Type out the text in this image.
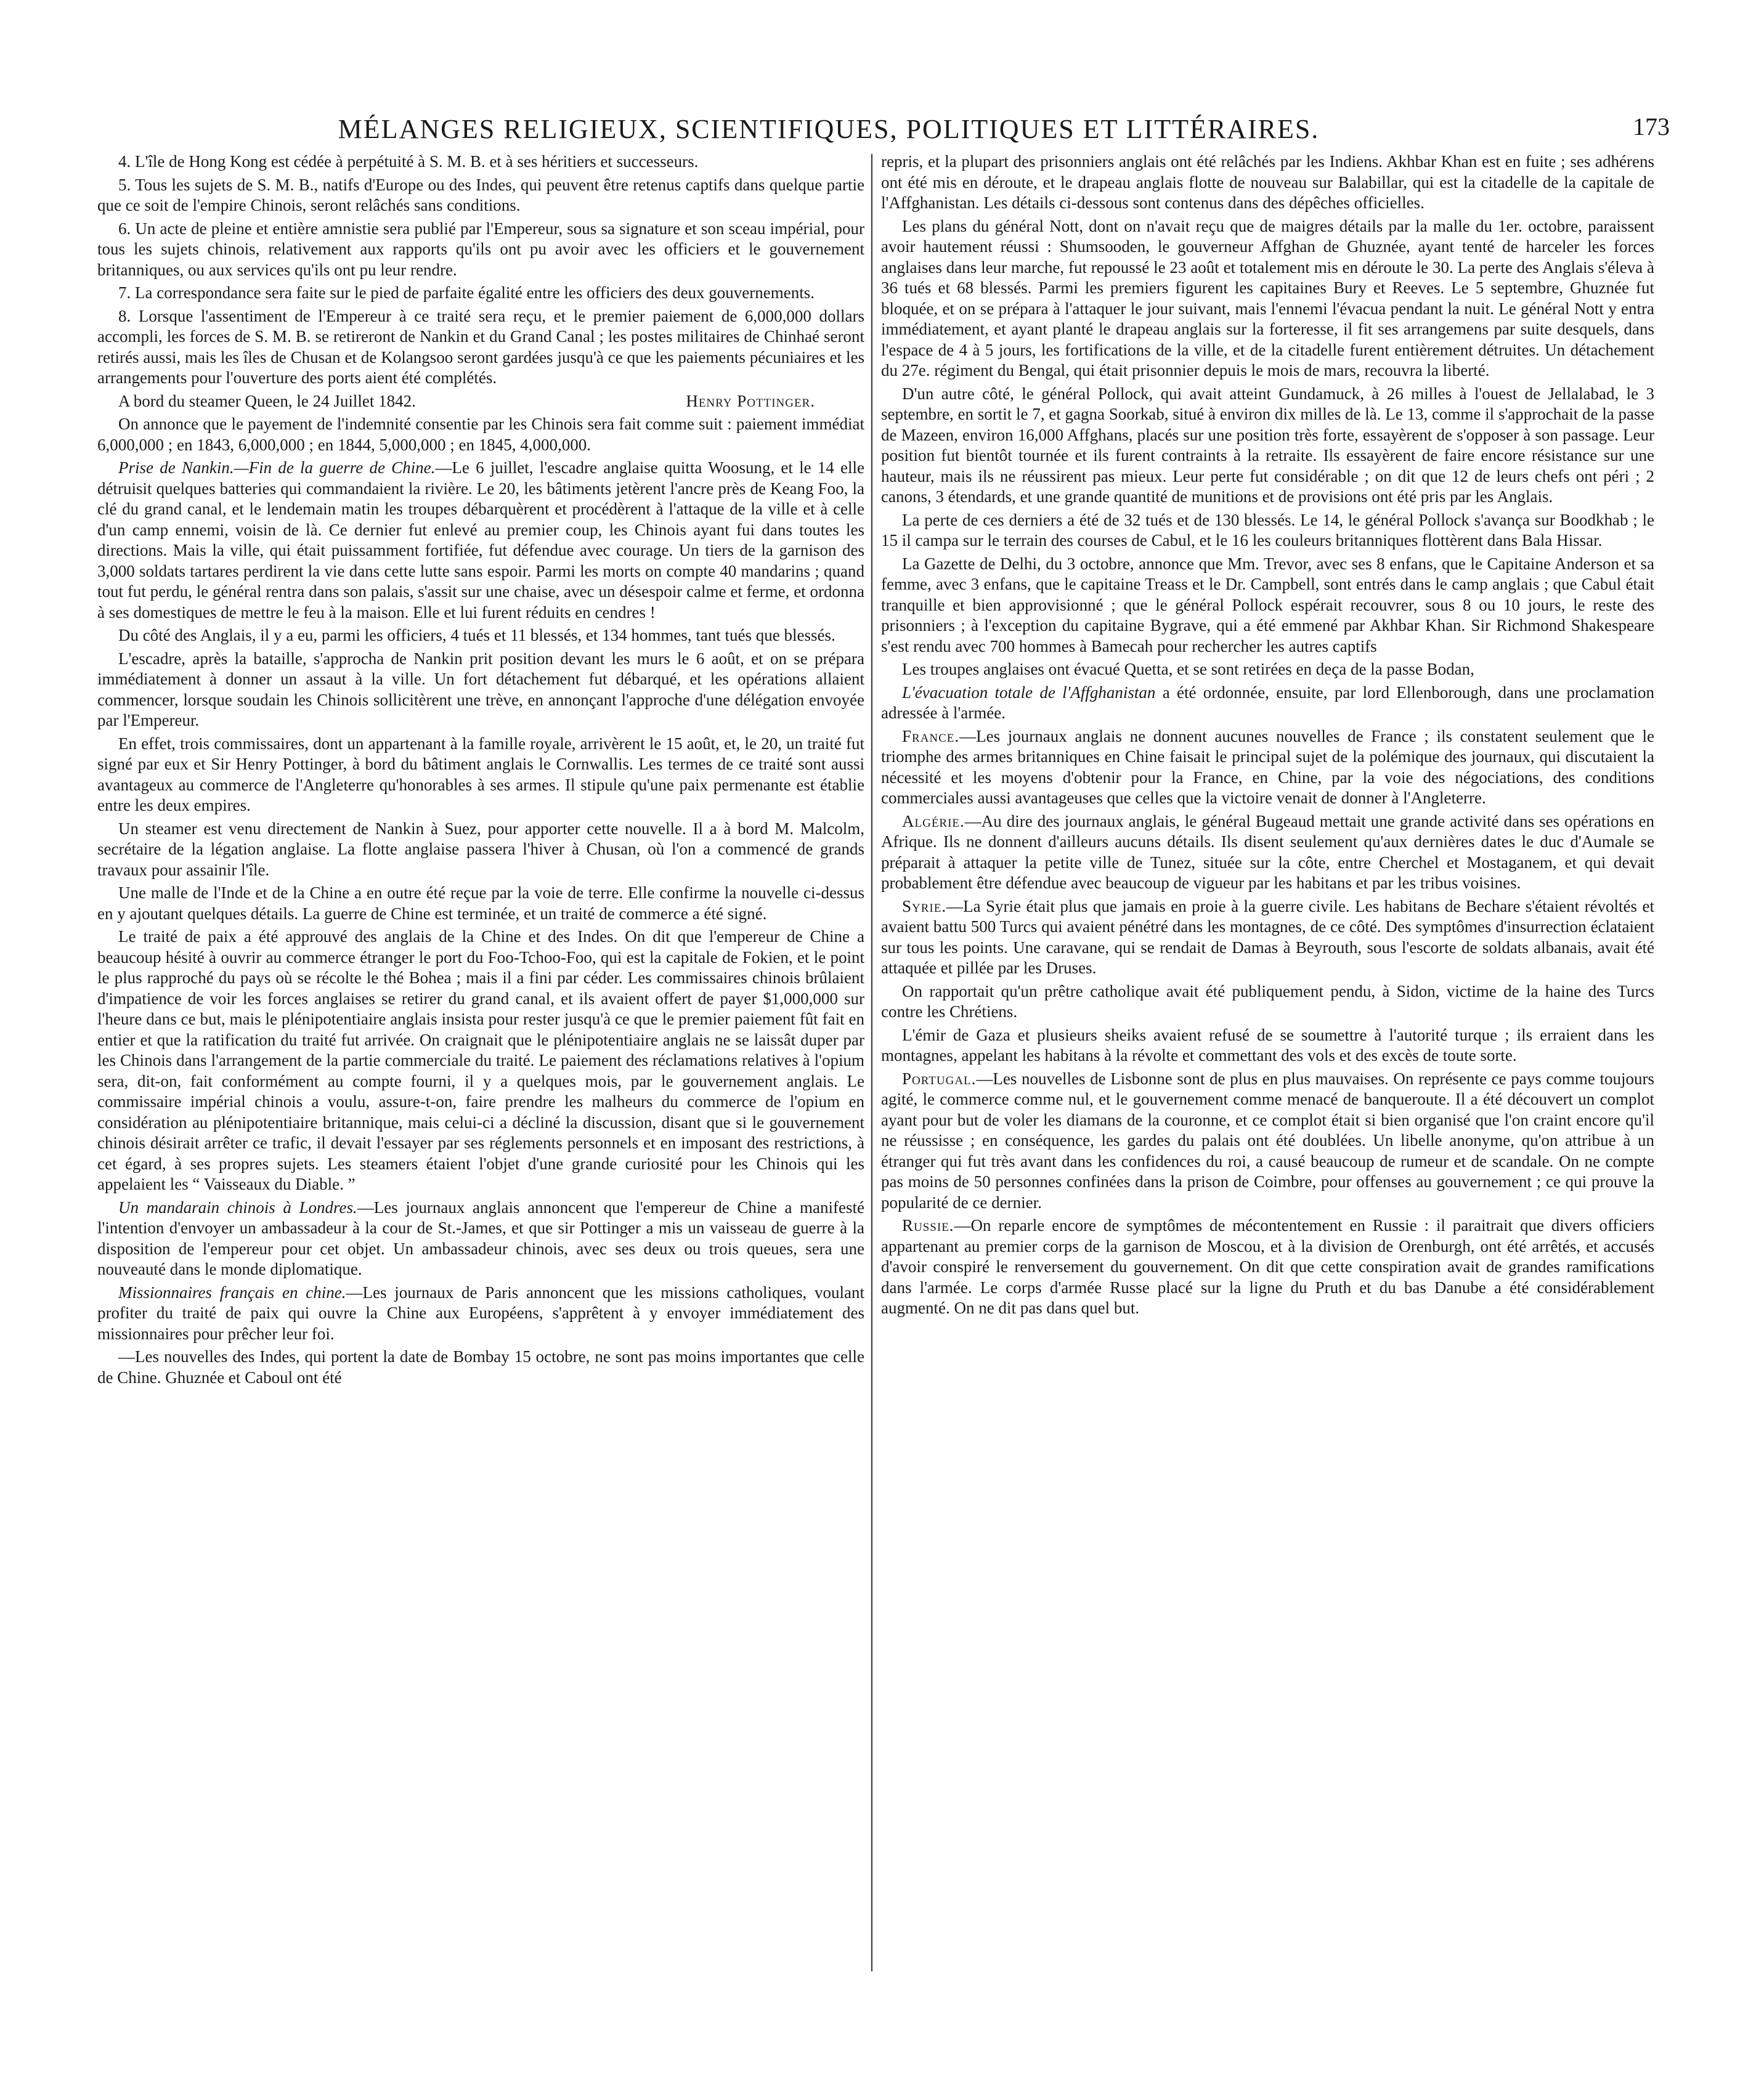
MÉLANGES RELIGIEUX, SCIENTIFIQUES, POLITIQUES ET LITTÉRAIRES.	173

4. L'île de Hong Kong est cédée à perpétuité à S. M. B. et à ses héritiers et successeurs.

5. Tous les sujets de S. M. B., natifs d'Europe ou des Indes, qui peuvent être retenus captifs dans quelque partie que ce soit de l'empire Chinois, seront relâchés sans conditions.

6. Un acte de pleine et entière amnistie sera publié par l'Empereur, sous sa signature et son sceau impérial, pour tous les sujets chinois, relativement aux rapports qu'ils ont pu avoir avec les officiers et le gouvernement britanniques, ou aux services qu'ils ont pu leur rendre.

7. La correspondance sera faite sur le pied de parfaite égalité entre les officiers des deux gouvernements.

8. Lorsque l'assentiment de l'Empereur à ce traité sera reçu, et le premier paiement de 6,000,000 dollars accompli, les forces de S. M. B. se retireront de Nankin et du Grand Canal ; les postes militaires de Chinhaé seront retirés aussi, mais les îles de Chusan et de Kolangsoo seront gardées jusqu'à ce que les paiements pécuniaires et les arrangements pour l'ouverture des ports aient été complétés.

A bord du steamer Queen, le 24 Juillet 1842.	Henry Pottinger.

On annonce que le payement de l'indemnité consentie par les Chinois sera fait comme suit : paiement immédiat 6,000,000 ; en 1843, 6,000,000 ; en 1844, 5,000,000 ; en 1845, 4,000,000.

Prise de Nankin.—Fin de la guerre de Chine.—Le 6 juillet, l'escadre anglaise quitta Woosung, et le 14 elle détruisit quelques batteries qui commandaient la rivière. Le 20, les bâtiments jetèrent l'ancre près de Keang Foo, la clé du grand canal, et le lendemain matin les troupes débarquèrent et procédèrent à l'attaque de la ville et à celle d'un camp ennemi, voisin de là. Ce dernier fut enlevé au premier coup, les Chinois ayant fui dans toutes les directions. Mais la ville, qui était puissamment fortifiée, fut défendue avec courage. Un tiers de la garnison des 3,000 soldats tartares perdirent la vie dans cette lutte sans espoir. Parmi les morts on compte 40 mandarins ; quand tout fut perdu, le général rentra dans son palais, s'assit sur une chaise, avec un désespoir calme et ferme, et ordonna à ses domestiques de mettre le feu à la maison. Elle et lui furent réduits en cendres !

Du côté des Anglais, il y a eu, parmi les officiers, 4 tués et 11 blessés, et 134 hommes, tant tués que blessés.

L'escadre, après la bataille, s'approcha de Nankin prit position devant les murs le 6 août, et on se prépara immédiatement à donner un assaut à la ville. Un fort détachement fut débarqué, et les opérations allaient commencer, lorsque soudain les Chinois sollicitèrent une trève, en annonçant l'approche d'une délégation envoyée par l'Empereur.

En effet, trois commissaires, dont un appartenant à la famille royale, arrivèrent le 15 août, et, le 20, un traité fut signé par eux et Sir Henry Pottinger, à bord du bâtiment anglais le Cornwallis. Les termes de ce traité sont aussi avantageux au commerce de l'Angleterre qu'honorables à ses armes. Il stipule qu'une paix permenante est établie entre les deux empires.

Un steamer est venu directement de Nankin à Suez, pour apporter cette nouvelle. Il a à bord M. Malcolm, secrétaire de la légation anglaise. La flotte anglaise passera l'hiver à Chusan, où l'on a commencé de grands travaux pour assainir l'île.

Une malle de l'Inde et de la Chine a en outre été reçue par la voie de terre. Elle confirme la nouvelle ci-dessus en y ajoutant quelques détails. La guerre de Chine est terminée, et un traité de commerce a été signé.

Le traité de paix a été approuvé des anglais de la Chine et des Indes. On dit que l'empereur de Chine a beaucoup hésité à ouvrir au commerce étranger le port du Foo-Tchoo-Foo, qui est la capitale de Fokien, et le point le plus rapproché du pays où se récolte le thé Bohea ; mais il a fini par céder. Les commissaires chinois brûlaient d'impatience de voir les forces anglaises se retirer du grand canal, et ils avaient offert de payer $1,000,000 sur l'heure dans ce but, mais le plénipotentiaire anglais insista pour rester jusqu'à ce que le premier paiement fût fait en entier et que la ratification du traité fut arrivée. On craignait que le plénipotentiaire anglais ne se laissât duper par les Chinois dans l'arrangement de la partie commerciale du traité. Le paiement des réclamations relatives à l'opium sera, dit-on, fait conformément au compte fourni, il y a quelques mois, par le gouvernement anglais. Le commissaire impérial chinois a voulu, assure-t-on, faire prendre les malheurs du commerce de l'opium en considération au plénipotentiaire britannique, mais celui-ci a décliné la discussion, disant que si le gouvernement chinois désirait arrêter ce trafic, il devait l'essayer par ses réglements personnels et en imposant des restrictions, à cet égard, à ses propres sujets. Les steamers étaient l'objet d'une grande curiosité pour les Chinois qui les appelaient les “ Vaisseaux du Diable. ”

Un mandarain chinois à Londres.—Les journaux anglais annoncent que l'empereur de Chine a manifesté l'intention d'envoyer un ambassadeur à la cour de St.-James, et que sir Pottinger a mis un vaisseau de guerre à la disposition de l'empereur pour cet objet. Un ambassadeur chinois, avec ses deux ou trois queues, sera une nouveauté dans le monde diplomatique.

Missionnaires français en chine.—Les journaux de Paris annoncent que les missions catholiques, voulant profiter du traité de paix qui ouvre la Chine aux Européens, s'apprêtent à y envoyer immédiatement des missionnaires pour prêcher leur foi.

—Les nouvelles des Indes, qui portent la date de Bombay 15 octobre, ne sont pas moins importantes que celle de Chine. Ghuznée et Caboul ont été

repris, et la plupart des prisonniers anglais ont été relâchés par les Indiens. Akhbar Khan est en fuite ; ses adhérens ont été mis en déroute, et le drapeau anglais flotte de nouveau sur Balabillar, qui est la citadelle de la capitale de l'Affghanistan. Les détails ci-dessous sont contenus dans des dépêches officielles.

Les plans du général Nott, dont on n'avait reçu que de maigres détails par la malle du 1er. octobre, paraissent avoir hautement réussi : Shumsooden, le gouverneur Affghan de Ghuznée, ayant tenté de harceler les forces anglaises dans leur marche, fut repoussé le 23 août et totalement mis en déroute le 30. La perte des Anglais s'éleva à 36 tués et 68 blessés. Parmi les premiers figurent les capitaines Bury et Reeves. Le 5 septembre, Ghuznée fut bloquée, et on se prépara à l'attaquer le jour suivant, mais l'ennemi l'évacua pendant la nuit. Le général Nott y entra immédiatement, et ayant planté le drapeau anglais sur la forteresse, il fit ses arrangemens par suite desquels, dans l'espace de 4 à 5 jours, les fortifications de la ville, et de la citadelle furent entièrement détruites. Un détachement du 27e. régiment du Bengal, qui était prisonnier depuis le mois de mars, recouvra la liberté.

D'un autre côté, le général Pollock, qui avait atteint Gundamuck, à 26 milles à l'ouest de Jellalabad, le 3 septembre, en sortit le 7, et gagna Soorkab, situé à environ dix milles de là. Le 13, comme il s'approchait de la passe de Mazeen, environ 16,000 Affghans, placés sur une position très forte, essayèrent de s'opposer à son passage. Leur position fut bientôt tournée et ils furent contraints à la retraite. Ils essayèrent de faire encore résistance sur une hauteur, mais ils ne réussirent pas mieux. Leur perte fut considérable ; on dit que 12 de leurs chefs ont péri ; 2 canons, 3 étendards, et une grande quantité de munitions et de provisions ont été pris par les Anglais.

La perte de ces derniers a été de 32 tués et de 130 blessés. Le 14, le général Pollock s'avança sur Boodkhab ; le 15 il campa sur le terrain des courses de Cabul, et le 16 les couleurs britanniques flottèrent dans Bala Hissar.

La Gazette de Delhi, du 3 octobre, annonce que Mm. Trevor, avec ses 8 enfans, que le Capitaine Anderson et sa femme, avec 3 enfans, que le capitaine Treass et le Dr. Campbell, sont entrés dans le camp anglais ; que Cabul était tranquille et bien approvisionné ; que le général Pollock espérait recouvrer, sous 8 ou 10 jours, le reste des prisonniers ; à l'exception du capitaine Bygrave, qui a été emmené par Akhbar Khan. Sir Richmond Shakespeare s'est rendu avec 700 hommes à Bamecah pour rechercher les autres captifs

Les troupes anglaises ont évacué Quetta, et se sont retirées en deça de la passe Bodan,

L'évacuation totale de l'Affghanistan a été ordonnée, ensuite, par lord Ellenborough, dans une proclamation adressée à l'armée.

France.—Les journaux anglais ne donnent aucunes nouvelles de France ; ils constatent seulement que le triomphe des armes britanniques en Chine faisait le principal sujet de la polémique des journaux, qui discutaient la nécessité et les moyens d'obtenir pour la France, en Chine, par la voie des négociations, des conditions commerciales aussi avantageuses que celles que la victoire venait de donner à l'Angleterre.

Algérie.—Au dire des journaux anglais, le général Bugeaud mettait une grande activité dans ses opérations en Afrique. Ils ne donnent d'ailleurs aucuns détails. Ils disent seulement qu'aux dernières dates le duc d'Aumale se préparait à attaquer la petite ville de Tunez, située sur la côte, entre Cherchel et Mostaganem, et qui devait probablement être défendue avec beaucoup de vigueur par les habitans et par les tribus voisines.

Syrie.—La Syrie était plus que jamais en proie à la guerre civile. Les habitans de Bechare s'étaient révoltés et avaient battu 500 Turcs qui avaient pénétré dans les montagnes, de ce côté. Des symptômes d'insurrection éclataient sur tous les points. Une caravane, qui se rendait de Damas à Beyrouth, sous l'escorte de soldats albanais, avait été attaquée et pillée par les Druses.

On rapportait qu'un prêtre catholique avait été publiquement pendu, à Sidon, victime de la haine des Turcs contre les Chrétiens.

L'émir de Gaza et plusieurs sheiks avaient refusé de se soumettre à l'autorité turque ; ils erraient dans les montagnes, appelant les habitans à la révolte et commettant des vols et des excès de toute sorte.

Portugal.—Les nouvelles de Lisbonne sont de plus en plus mauvaises. On représente ce pays comme toujours agité, le commerce comme nul, et le gouvernement comme menacé de banqueroute. Il a été découvert un complot ayant pour but de voler les diamans de la couronne, et ce complot était si bien organisé que l'on craint encore qu'il ne réussisse ; en conséquence, les gardes du palais ont été doublées. Un libelle anonyme, qu'on attribue à un étranger qui fut très avant dans les confidences du roi, a causé beaucoup de rumeur et de scandale. On ne compte pas moins de 50 personnes confinées dans la prison de Coimbre, pour offenses au gouvernement ; ce qui prouve la popularité de ce dernier.

Russie.—On reparle encore de symptômes de mécontentement en Russie : il paraitrait que divers officiers appartenant au premier corps de la garnison de Moscou, et à la division de Orenburgh, ont été arrêtés, et accusés d'avoir conspiré le renversement du gouvernement. On dit que cette conspiration avait de grandes ramifications dans l'armée. Le corps d'armée Russe placé sur la ligne du Pruth et du bas Danube a été considérablement augmenté. On ne dit pas dans quel but.
